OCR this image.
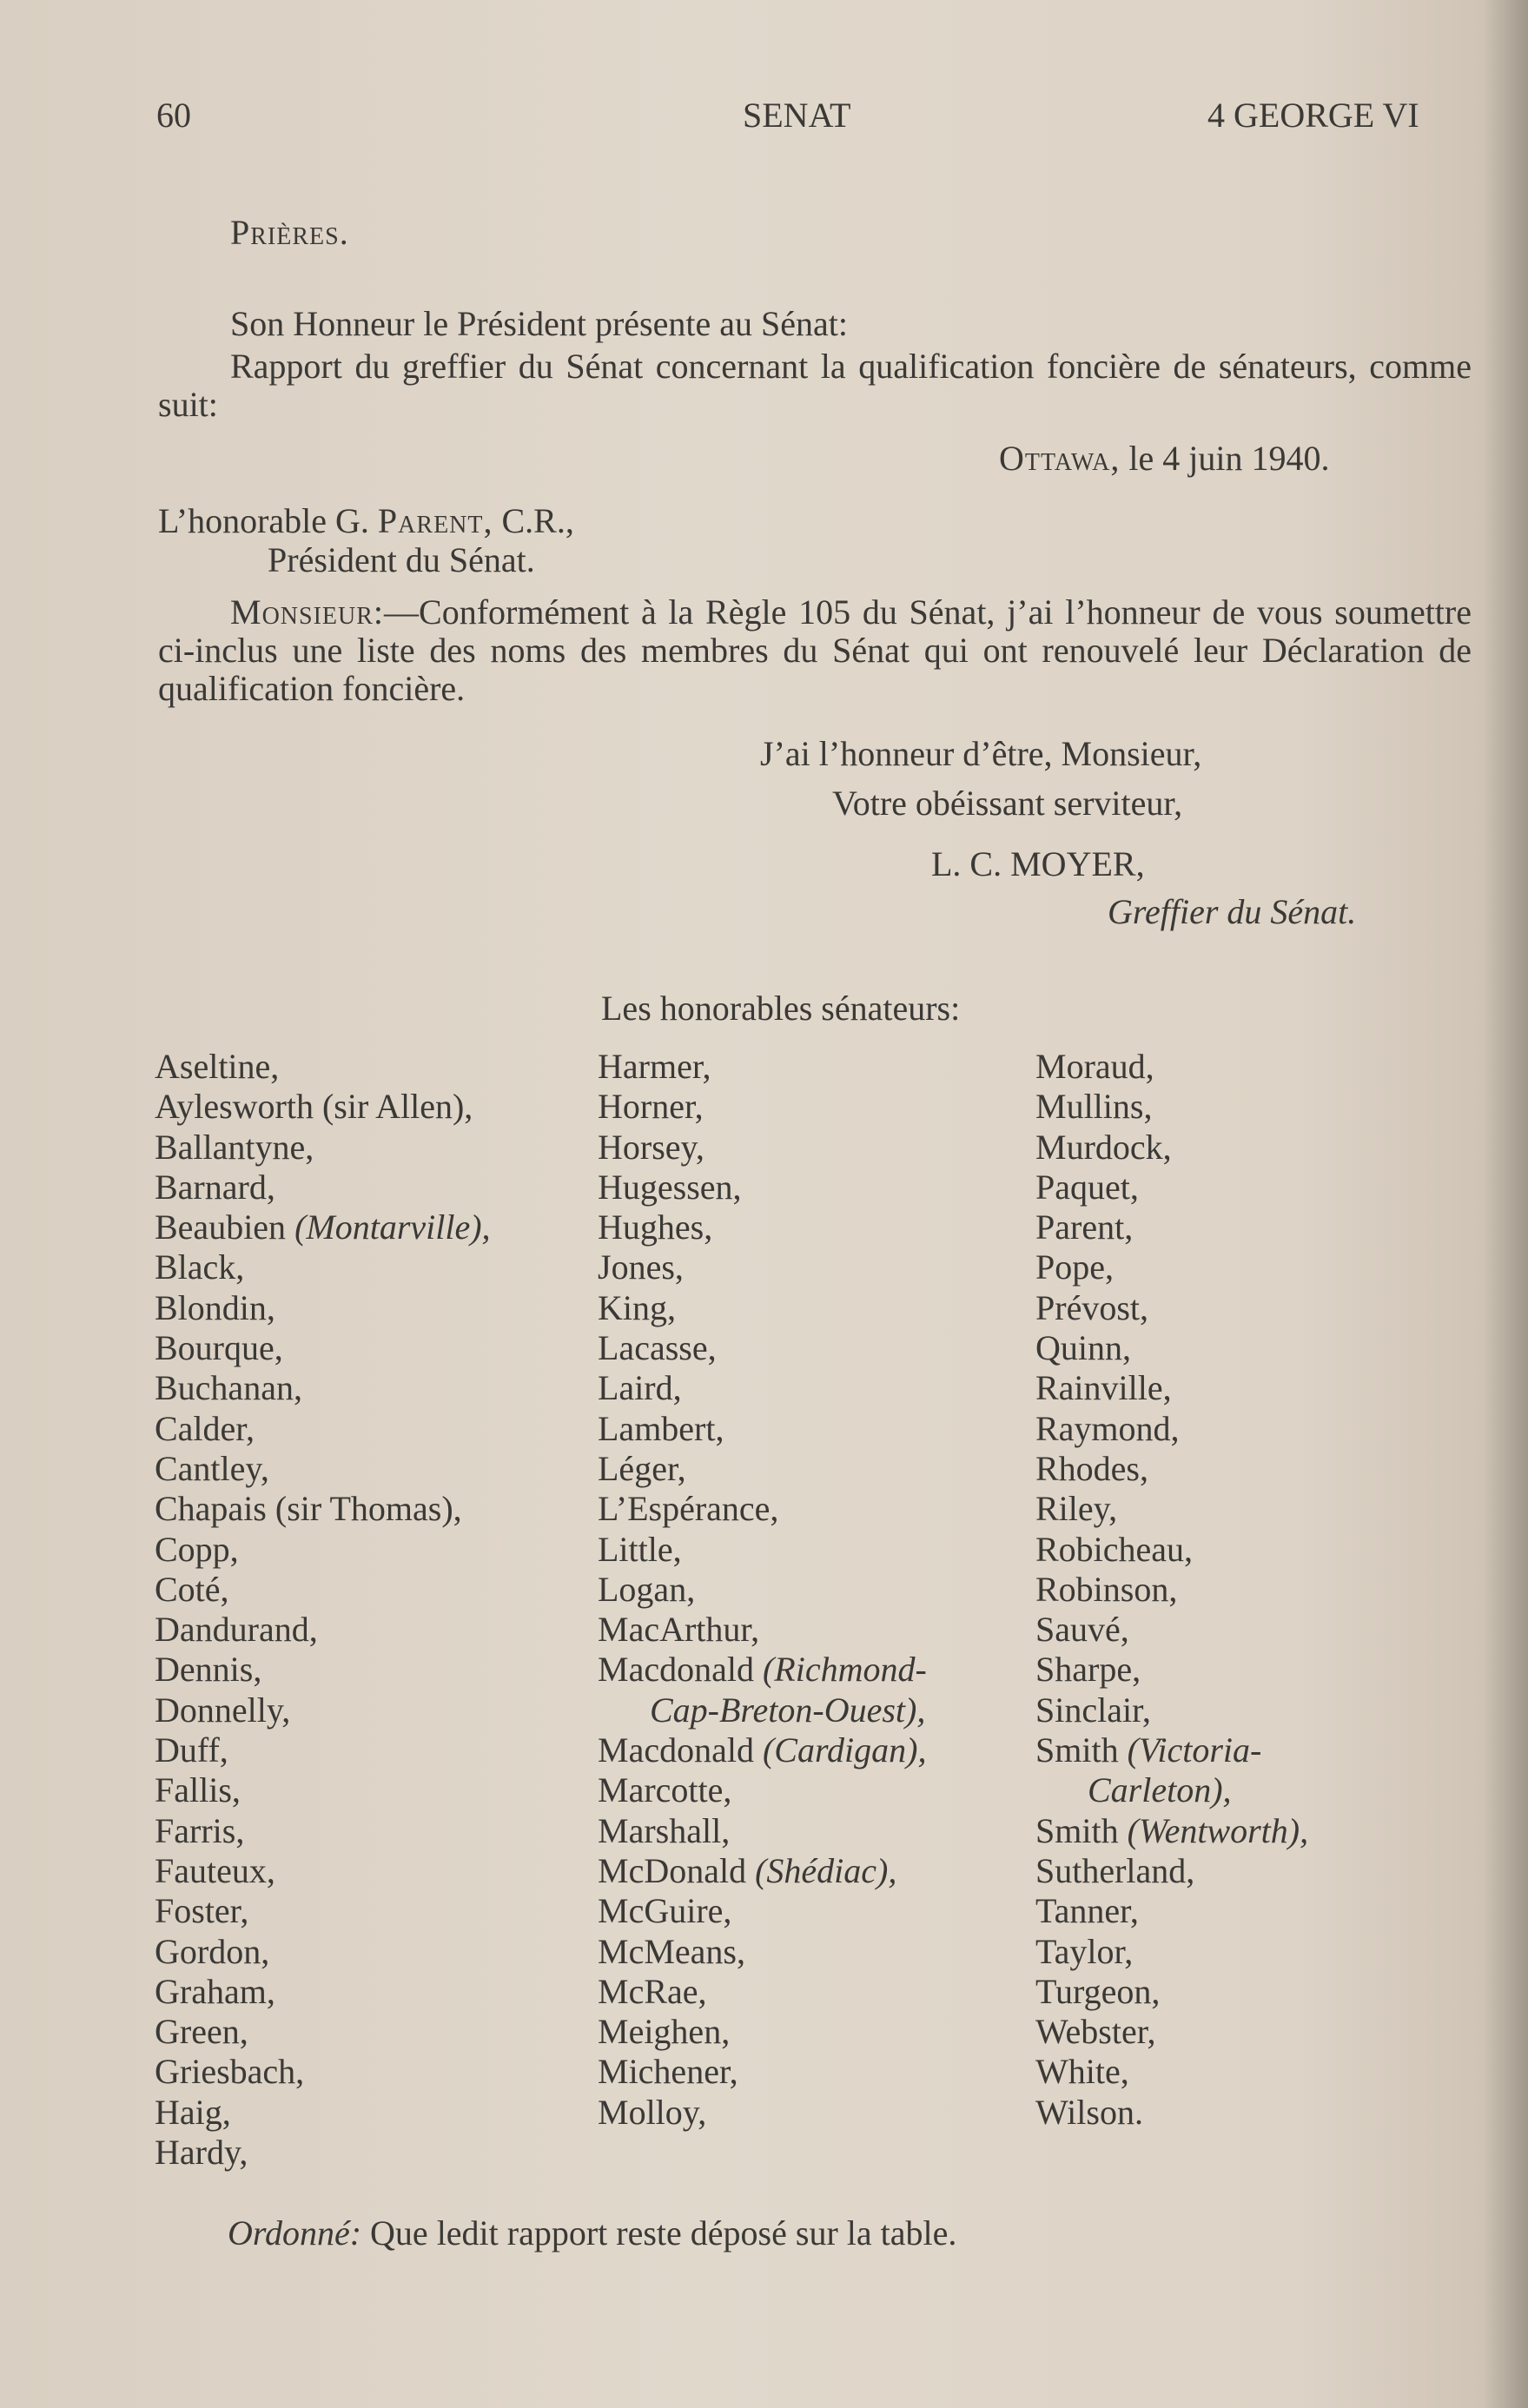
60	SENAT	4 GEORGE VI
Prières.
Son Honneur le Président présente au Sénat:
Rapport du greffier du Sénat concernant la qualification foncière de sénateurs, comme suit:
Ottawa, le 4 juin 1940.
L’honorable G. Parent, C.R.,
Président du Sénat.
Monsieur:—Conformément à la Règle 105 du Sénat, j’ai l’honneur de vous soumettre ci-inclus une liste des noms des membres du Sénat qui ont renouvelé leur Déclaration de qualification foncière.
J’ai l’honneur d’être, Monsieur,
Votre obéissant serviteur,
L. C. MOYER,
Greffier du Sénat.
Les honorables sénateurs:
Aseltine,
Aylesworth (sir Allen),
Ballantyne,
Barnard,
Beaubien (Montarville),
Black,
Blondin,
Bourque,
Buchanan,
Calder,
Cantley,
Chapais (sir Thomas),
Copp,
Coté,
Dandurand,
Dennis,
Donnelly,
Duff,
Fallis,
Farris,
Fauteux,
Foster,
Gordon,
Graham,
Green,
Griesbach,
Haig,
Hardy,
Harmer,
Horner,
Horsey,
Hugessen,
Hughes,
Jones,
King,
Lacasse,
Laird,
Lambert,
Léger,
L’Espérance,
Little,
Logan,
MacArthur,
Macdonald (Richmond-
Cap-Breton-Ouest),
Macdonald (Cardigan),
Marcotte,
Marshall,
McDonald (Shédiac),
McGuire,
McMeans,
McRae,
Meighen,
Michener,
Molloy,
Moraud,
Mullins,
Murdock,
Paquet,
Parent,
Pope,
Prévost,
Quinn,
Rainville,
Raymond,
Rhodes,
Riley,
Robicheau,
Robinson,
Sauvé,
Sharpe,
Sinclair,
Smith (Victoria-
Carleton),
Smith (Wentworth),
Sutherland,
Tanner,
Taylor,
Turgeon,
Webster,
White,
Wilson.
Ordonné: Que ledit rapport reste déposé sur la table.
